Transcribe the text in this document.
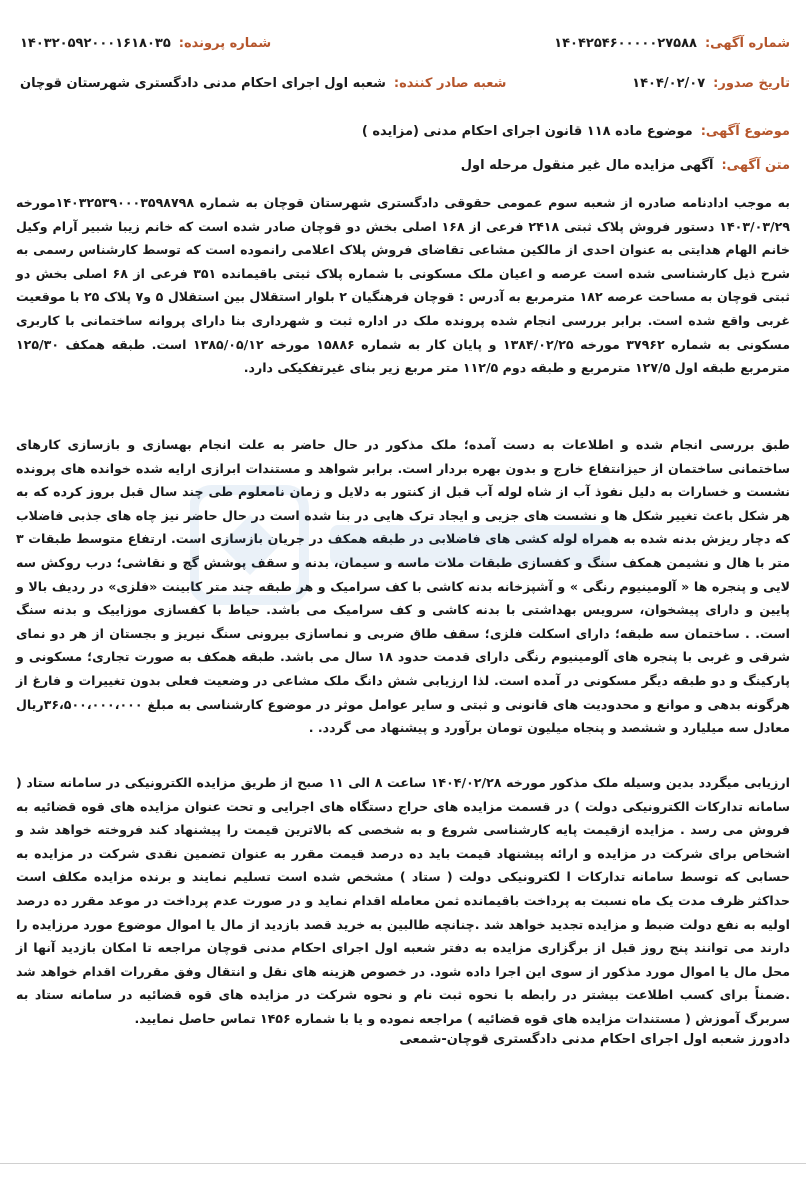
شماره آگهی:
۱۴۰۴۲۵۴۶۰۰۰۰۰۲۷۵۸۸
شماره پرونده:
۱۴۰۳۲۰۵۹۲۰۰۰۱۶۱۸۰۳۵
تاریخ صدور:
۱۴۰۴/۰۲/۰۷
شعبه صادر کننده:
شعبه اول اجرای احکام مدنی دادگستری شهرستان قوچان
موضوع آگهی:
موضوع ماده ۱۱۸ قانون اجرای احکام مدنی (مزایده )
متن آگهی:
آگهی مزایده مال غیر منقول مرحله اول

به موجب ادادنامه صادره از شعبه سوم عمومی حقوقی دادگستری شهرستان قوچان به شماره ۱۴۰۳۲۵۳۹۰۰۰۳۵۹۸۷۹۸مورخه ۱۴۰۳/۰۳/۲۹ دستور فروش پلاک ثبتی ۲۴۱۸ فرعی از ۱۶۸ اصلی بخش دو قوچان صادر شده است که خانم زیبا شبیر آرام وکیل خانم الهام هدایتی به عنوان احدی از مالکین مشاعی تقاضای فروش پلاک اعلامی رانموده است که توسط کارشناس رسمی به شرح ذیل کارشناسی شده است عرصه و اعیان ملک مسکونی با شماره پلاک ثبتی باقیمانده ۳۵۱ فرعی از ۶۸ اصلی بخش دو ثبتی قوچان به مساحت عرصه ۱۸۲ مترمربع به آدرس : قوچان فرهنگیان ۲ بلوار استقلال بین استقلال ۵ و۷ پلاک ۲۵ با موقعیت غربی واقع شده است. برابر بررسی انجام شده پرونده ملک در اداره ثبت و شهرداری بنا دارای پروانه ساختمانی با کاربری مسکونی به شماره ۳۷۹۶۲ مورخه ۱۳۸۴/۰۲/۲۵ و پایان کار به شماره ۱۵۸۸۶ مورخه ۱۳۸۵/۰۵/۱۲ است. طبقه همکف ۱۲۵/۳۰ مترمربع طبقه اول ۱۲۷/۵ مترمربع و طبقه دوم ۱۱۲/۵ متر مربع زیر بنای غیرتفکیکی دارد.

طبق بررسی انجام شده و اطلاعات به دست آمده؛ ملک مذکور در حال حاضر به علت انجام بهسازی و بازسازی کارهای ساختمانی ساختمان از حیزانتفاع خارج و بدون بهره بردار است. برابر شواهد و مستندات ابرازی ارایه شده خوانده های پرونده نشست و خسارات به دلیل نفوذ آب از شاه لوله آب قبل از کنتور به دلایل و زمان نامعلوم طی چند سال قبل بروز کرده که به هر شکل باعث تغییر شکل ها و نشست های جزیی و ایجاد ترک هایی در بنا شده است در حال حاضر نیز چاه های جذبی فاضلاب که دچار ریزش بدنه شده به همراه لوله کشی های فاضلابی در طبقه همکف در جریان بازسازی است. ارتفاع متوسط طبقات ۳ متر با هال و نشیمن همکف سنگ و کفسازی طبقات ملات ماسه و سیمان، بدنه و سقف پوشش گچ و نقاشی؛ درب روکش سه لایی و پنجره ها « آلومینیوم رنگی » و آشپزخانه بدنه کاشی با کف سرامیک و هر طبقه چند متر کابینت «فلزی» در ردیف بالا و پایین و دارای پیشخوان، سرویس بهداشتی با بدنه کاشی و کف سرامیک می باشد. حیاط با کفسازی موزاییک و بدنه سنگ است. . ساختمان سه طبقه؛ دارای اسکلت فلزی؛ سقف طاق ضربی و نماسازی بیرونی سنگ نیریز و بجستان از هر دو نمای شرقی و غربی با پنجره های آلومینیوم رنگی دارای قدمت حدود ۱۸ سال می باشد. طبقه همکف به صورت تجاری؛ مسکونی و پارکینگ و دو طبقه دیگر مسکونی در آمده است. لذا ارزیابی شش دانگ ملک مشاعی در وضعیت فعلی بدون تغییرات و فارغ از هرگونه بدهی و موانع و محدودیت های قانونی و ثبتی و سایر عوامل موثر در موضوع کارشناسی به مبلغ ۳۶،۵۰۰،۰۰۰،۰۰۰ریال معادل سه میلیارد و ششصد و پنجاه میلیون تومان برآورد و پیشنهاد می گردد. .

ارزیابی میگردد بدین وسیله ملک مذکور مورخه ۱۴۰۴/۰۲/۲۸ ساعت ۸ الی ۱۱ صبح از طریق مزایده الکترونیکی در سامانه ستاد ( سامانه تدارکات الکترونیکی دولت ) در قسمت مزایده های حراج دستگاه های اجرایی و تحت عنوان مزایده های قوه قضائیه به فروش می رسد . مزایده ازقیمت پایه کارشناسی شروع و به شخصی که بالاترین قیمت را پیشنهاد کند فروخته خواهد شد و اشخاص برای شرکت در مزایده و ارائه پیشنهاد قیمت باید ده درصد قیمت مقرر به عنوان تضمین نقدی شرکت در مزایده به حسابی که توسط سامانه تدارکات ا لکترونیکی دولت ( ستاد ) مشخص شده است تسلیم نمایند و برنده مزایده مکلف است حداکثر ظرف مدت یک ماه نسبت به پرداخت باقیمانده ثمن معامله اقدام نماید و در صورت عدم پرداخت در موعد مقرر ده درصد اولیه به نفع دولت ضبط و مزایده تجدید خواهد شد .چنانچه طالبین به خرید قصد بازدید از مال یا اموال موضوع مورد مرزایده را دارند می توانند پنج روز قبل از برگزاری مزایده به دفتر شعبه اول اجرای احکام مدنی قوچان مراجعه تا امکان بازدید آنها از محل مال یا اموال مورد مذکور از سوی این اجرا داده شود. در خصوص هزینه های نقل و انتقال وفق مقررات اقدام خواهد شد .ضمناً برای کسب اطلاعت بیشتر در رابطه با نحوه ثبت نام و نحوه شرکت در مزایده های قوه قضائیه در سامانه ستاد به سربرگ آموزش ( مستندات مزایده های قوه قضائیه ) مراجعه نموده و یا با شماره ۱۴۵۶ تماس حاصل نمایید.

دادورز شعبه اول اجرای احکام مدنی دادگستری قوچان-شمعی
